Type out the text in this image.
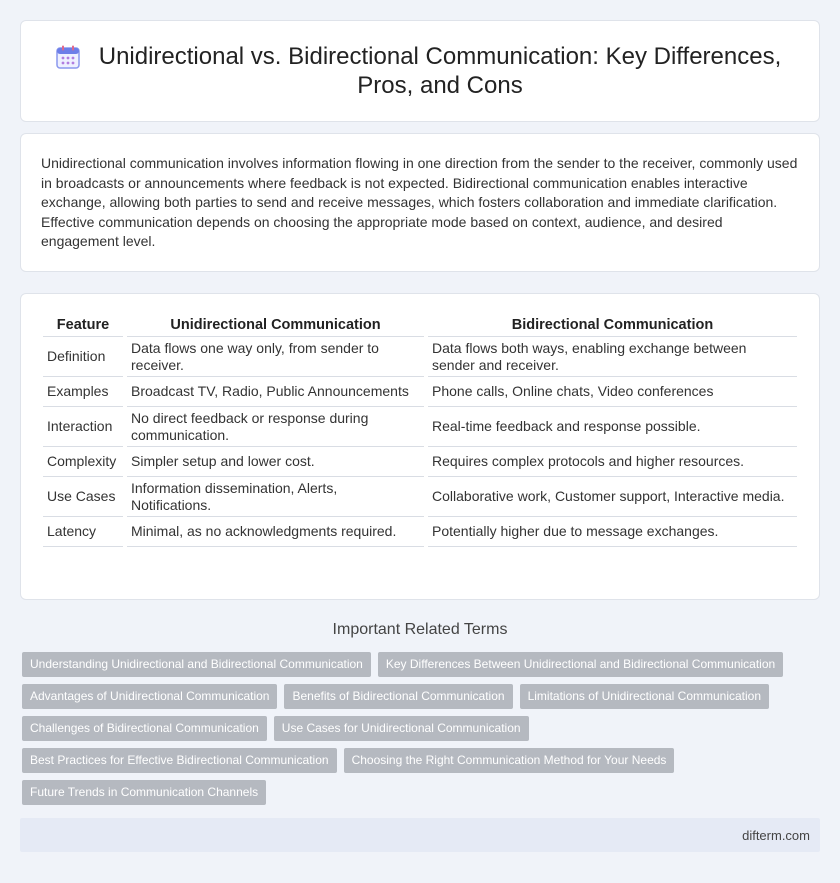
Unidirectional vs. Bidirectional Communication: Key Differences, Pros, and Cons

Unidirectional communication involves information flowing in one direction from the sender to the receiver, commonly used in broadcasts or announcements where feedback is not expected. Bidirectional communication enables interactive exchange, allowing both parties to send and receive messages, which fosters collaboration and immediate clarification. Effective communication depends on choosing the appropriate mode based on context, audience, and desired engagement level.

Feature	Unidirectional Communication	Bidirectional Communication
Definition	Data flows one way only, from sender to receiver.	Data flows both ways, enabling exchange between sender and receiver.
Examples	Broadcast TV, Radio, Public Announcements	Phone calls, Online chats, Video conferences
Interaction	No direct feedback or response during communication.	Real-time feedback and response possible.
Complexity	Simpler setup and lower cost.	Requires complex protocols and higher resources.
Use Cases	Information dissemination, Alerts, Notifications.	Collaborative work, Customer support, Interactive media.
Latency	Minimal, as no acknowledgments required.	Potentially higher due to message exchanges.
Important Related Terms
Understanding Unidirectional and Bidirectional Communication	Key Differences Between Unidirectional and Bidirectional Communication
Advantages of Unidirectional Communication	Benefits of Bidirectional Communication	Limitations of Unidirectional Communication
Challenges of Bidirectional Communication	Use Cases for Unidirectional Communication
Best Practices for Effective Bidirectional Communication	Choosing the Right Communication Method for Your Needs
Future Trends in Communication Channels
difterm.com
